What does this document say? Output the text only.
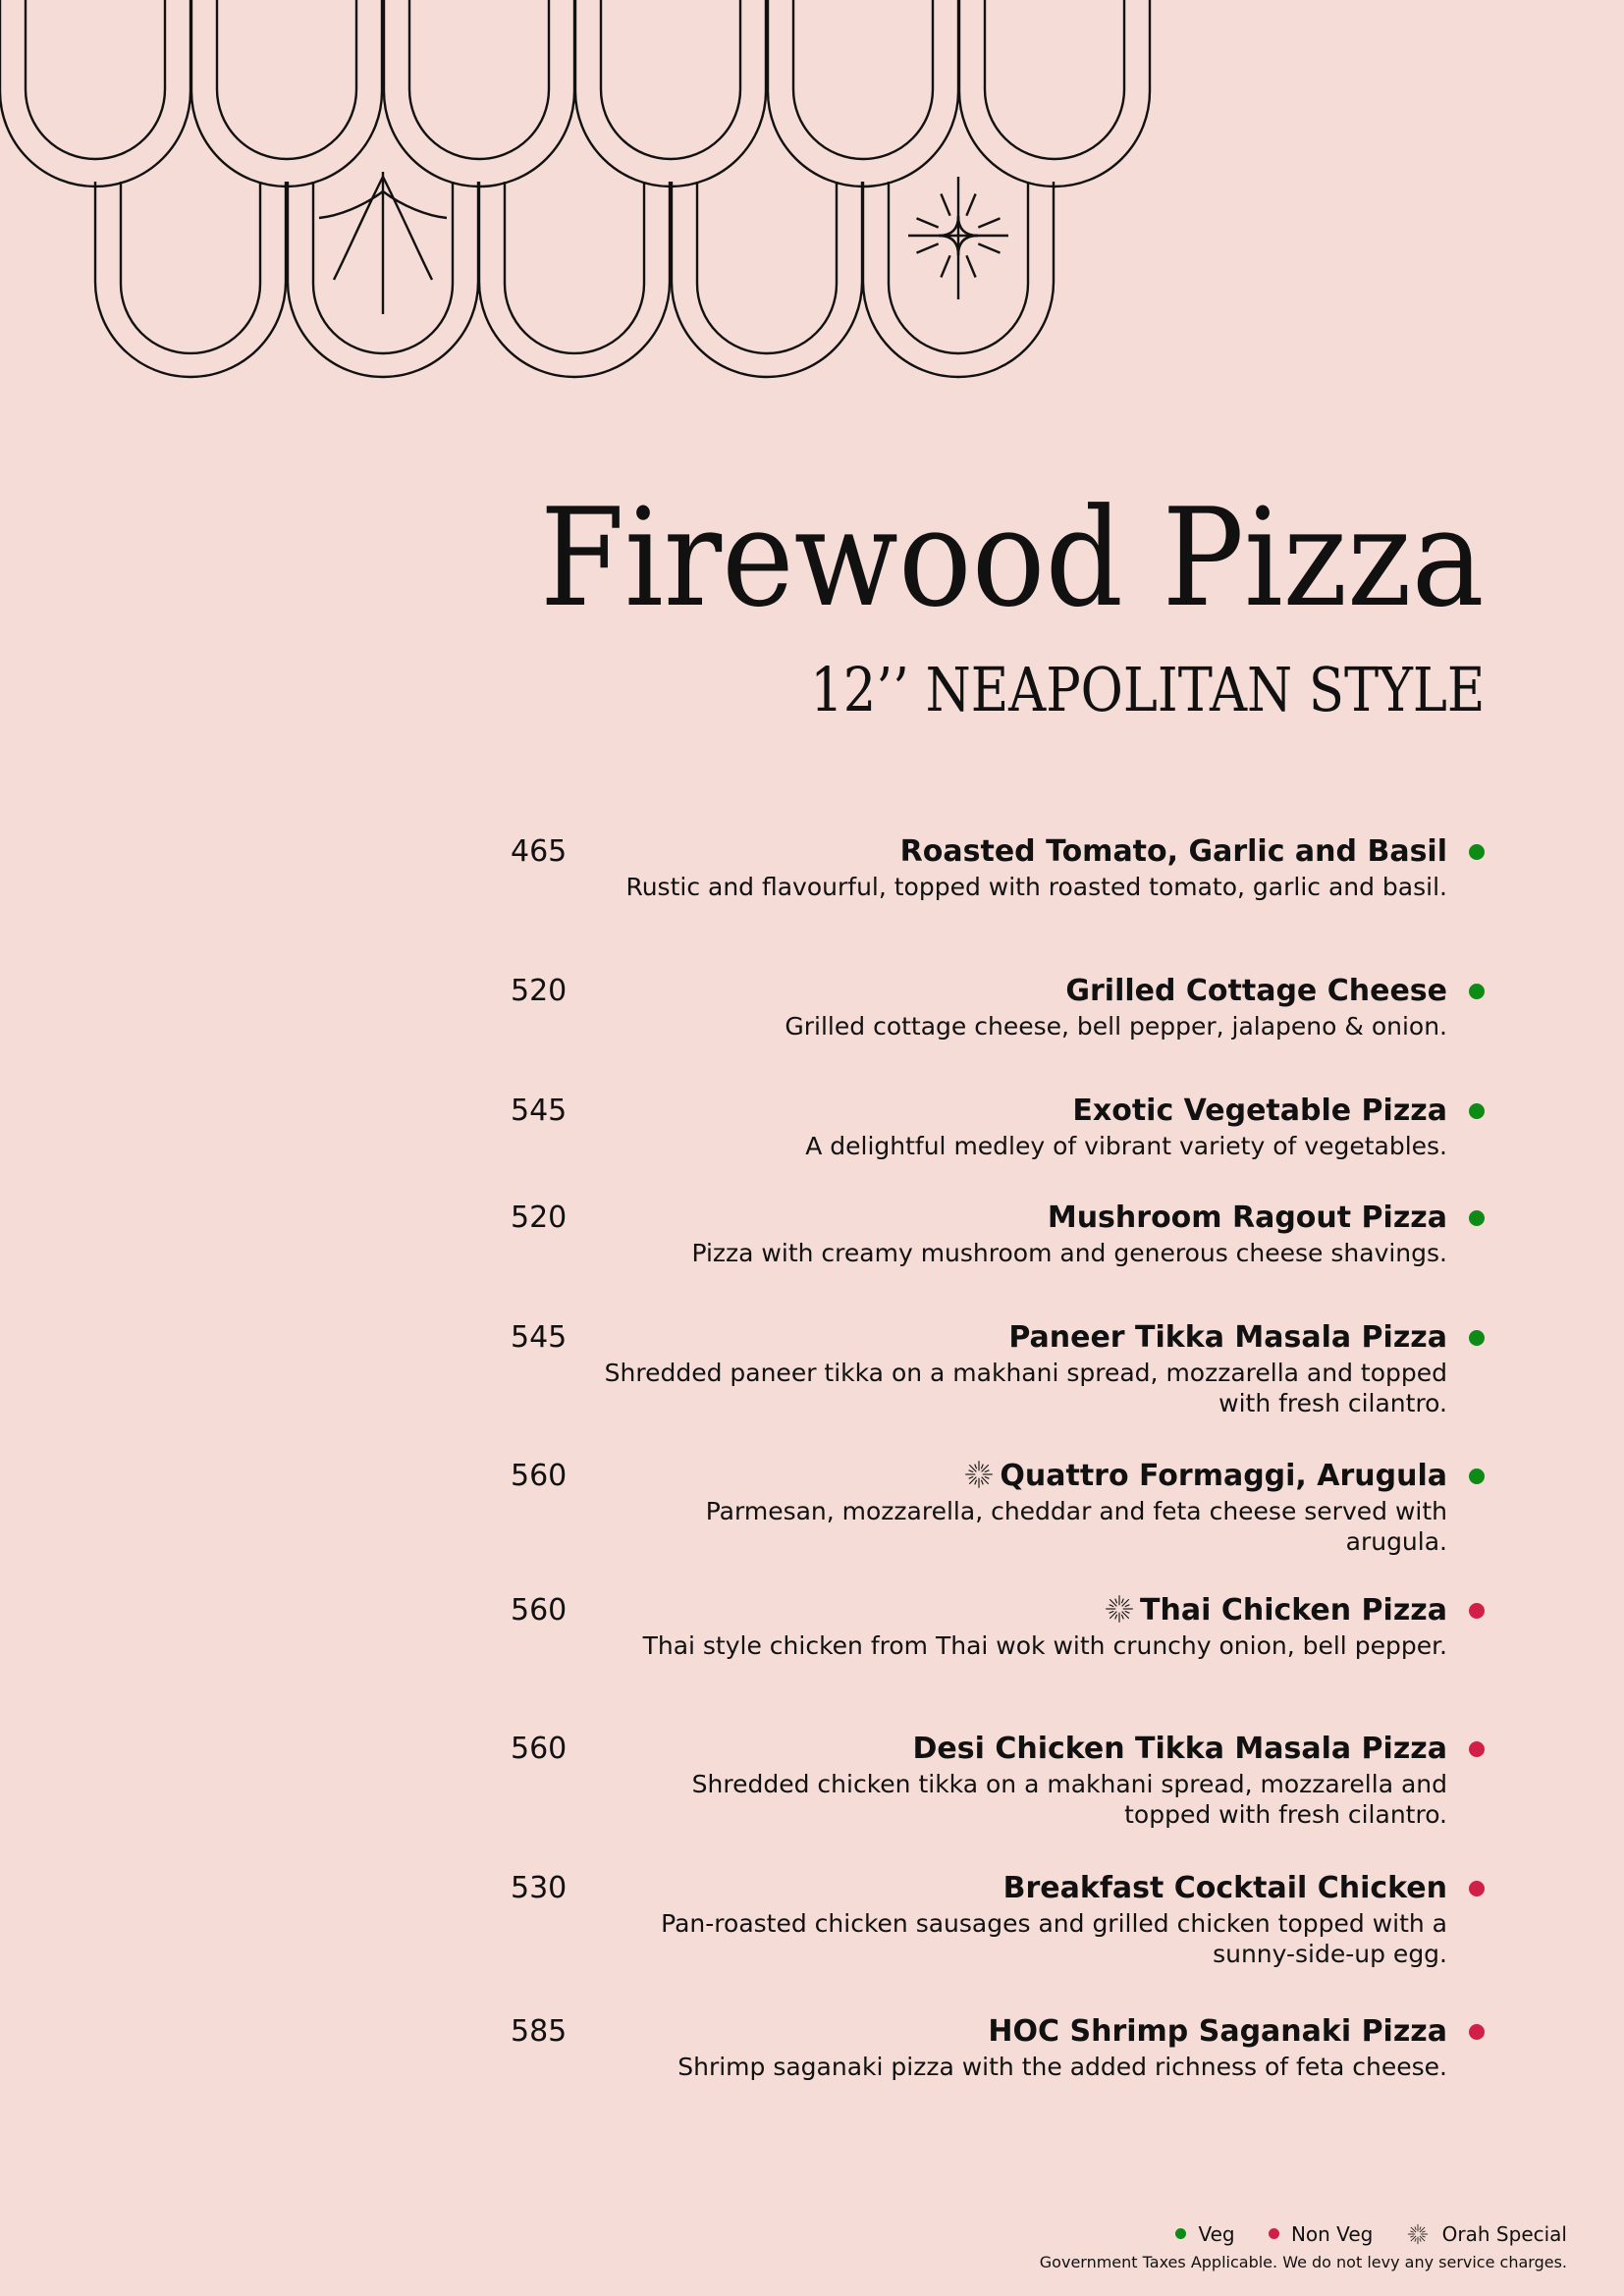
Firewood Pizza
12’’ NEAPOLITAN STYLE
465	Roasted Tomato, Garlic and Basil
Rustic and flavourful, topped with roasted tomato, garlic and basil.
520	Grilled Cottage Cheese
Grilled cottage cheese, bell pepper, jalapeno & onion.
545	Exotic Vegetable Pizza
A delightful medley of vibrant variety of vegetables.
520	Mushroom Ragout Pizza
Pizza with creamy mushroom and generous cheese shavings.
545	Paneer Tikka Masala Pizza
Shredded paneer tikka on a makhani spread, mozzarella and topped with fresh cilantro.
560	Quattro Formaggi, Arugula
Parmesan, mozzarella, cheddar and feta cheese served with arugula.
560	Thai Chicken Pizza
Thai style chicken from Thai wok with crunchy onion, bell pepper.
560	Desi Chicken Tikka Masala Pizza
Shredded chicken tikka on a makhani spread, mozzarella and topped with fresh cilantro.
530	Breakfast Cocktail Chicken
Pan-roasted chicken sausages and grilled chicken topped with a sunny-side-up egg.
585	HOC Shrimp Saganaki Pizza
Shrimp saganaki pizza with the added richness of feta cheese.
Veg	Non Veg	Orah Special
Government Taxes Applicable. We do not levy any service charges.
